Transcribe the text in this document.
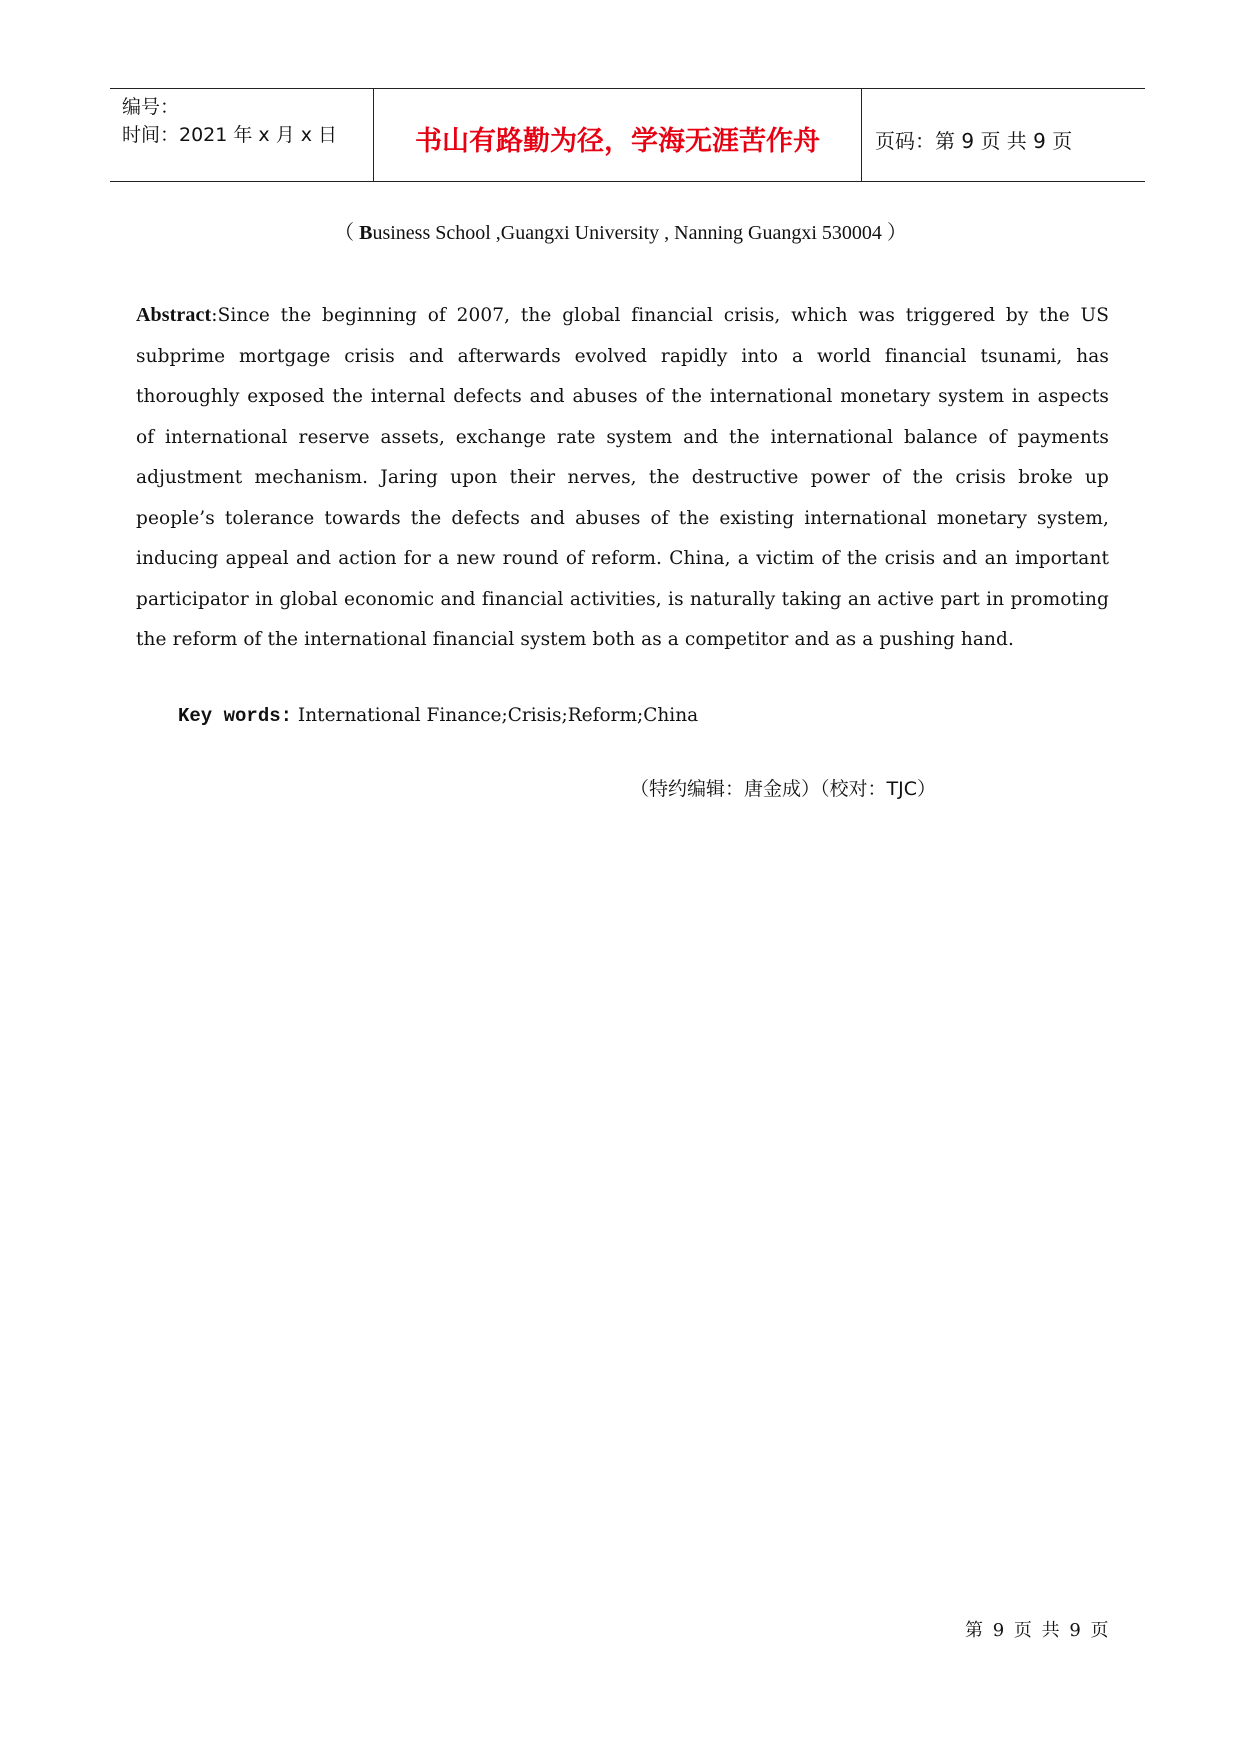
编号：
时间：2021 年 x 月 x 日	书山有路勤为径，学海无涯苦作舟	页码：第 9 页 共 9 页
（ Business School ,Guangxi University , Nanning Guangxi 530004 ）
Abstract:Since the beginning of 2007, the global financial crisis, which was triggered by the US subprime mortgage crisis and afterwards evolved rapidly into a world financial tsunami, has thoroughly exposed the internal defects and abuses of the international monetary system in aspects of international reserve assets, exchange rate system and the international balance of payments adjustment mechanism. Jaring upon their nerves, the destructive power of the crisis broke up people’s tolerance towards the defects and abuses of the existing international monetary system, inducing appeal and action for a new round of reform. China, a victim of the crisis and an important participator in global economic and financial activities, is naturally taking an active part in promoting the reform of the international financial system both as a competitor and as a pushing hand.
Key words: International Finance;Crisis;Reform;China
（特约编辑：唐金成）（校对：TJC）
第 9 页 共 9 页
